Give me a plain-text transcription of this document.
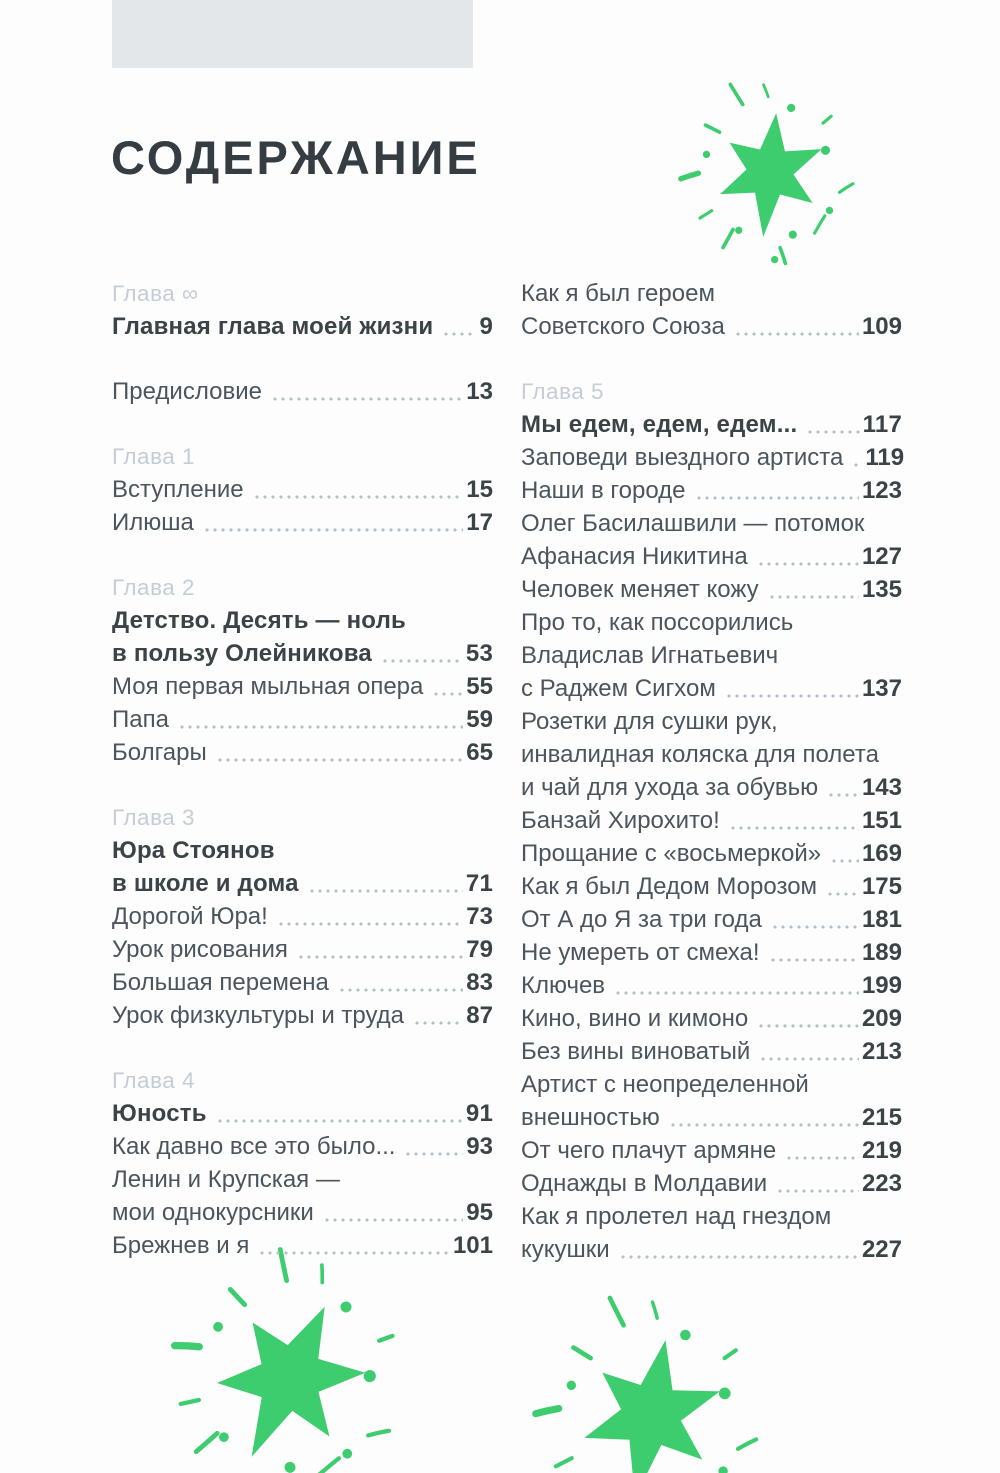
СОДЕРЖАНИЕ
Глава ∞
Главная глава моей жизни 9
Предисловие	13
Глава 1
Вступление	15
Илюша	17
Глава 2
Детство. Десять — ноль
в пользу Олейникова	53
Моя первая мыльная опера 55
Папа	59
Болгары	65
Глава 3
Юра Стоянов
в школе и дома	71
Дорогой Юра!	73
Урок рисования	79
Большая перемена	83
Урок физкультуры и труда	87
Глава 4
Юность	91
Как давно все это было...	93
Ленин и Крупская —
мои однокурсники	95
Брежнев и я	101
Как я был героем
Советского Союза	109
Глава 5
Мы едем, едем, едем...	117
Заповеди выездного артиста 119
Наши в городе	123
Олег Басилашвили — потомок
Афанасия Никитина	127
Человек меняет кожу	135
Про то, как поссорились
Владислав Игнатьевич
с Раджем Сигхом	137
Розетки для сушки рук,
инвалидная коляска для полета
и чай для ухода за обувью 143
Банзай Хирохито!	151
Прощание с «восьмеркой» 169
Как я был Дедом Морозом 175
От А до Я за три года	181
Не умереть от смеха!	189
Ключев	199
Кино, вино и кимоно	209
Без вины виноватый	213
Артист с неопределенной
внешностью	215
От чего плачут армяне	219
Однажды в Молдавии	223
Как я пролетел над гнездом
кукушки	227
